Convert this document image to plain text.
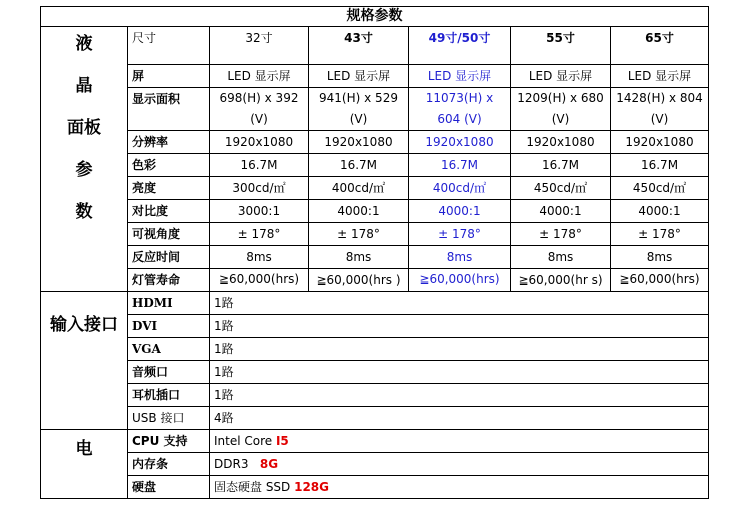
规格参数						

液
晶
面板
参
数	尺寸	32寸	43寸	49寸/50寸	55寸	65寸
	屏	LED 显示屏	LED 显示屏	LED 显示屏	LED 显示屏	LED 显示屏
	显示面积	698(H) x 392 (V)	941(H) x 529 (V)	11073(H) x 604 (V)	1209(H) x 680 (V)	1428(H) x 804 (V)
	分辨率	1920x1080	1920x1080	1920x1080	1920x1080	1920x1080
	色彩	16.7M	16.7M	16.7M	16.7M	16.7M
	亮度	300cd/㎡	400cd/㎡	400cd/㎡	450cd/㎡	450cd/㎡
	对比度	3000:1	4000:1	4000:1	4000:1	4000:1
	可视角度	± 178°	± 178°	± 178°	± 178°	± 178°
	反应时间	8ms	8ms	8ms	8ms	8ms
	灯管寿命	≧60,000(hrs)	≧60,000(hrs )	≧60,000(hrs)	≧60,000(hr s)	≧60,000(hrs)

输入接口	HDMI	1路				
	DVI	1路				
	VGA	1路				
	音频口	1路				
	耳机插口	1路				
	USB 接口	4路				

电	CPU 支持	Intel Core I5				
	内存条	DDR3   8G				
	硬盘	固态硬盘 SSD 128G				
